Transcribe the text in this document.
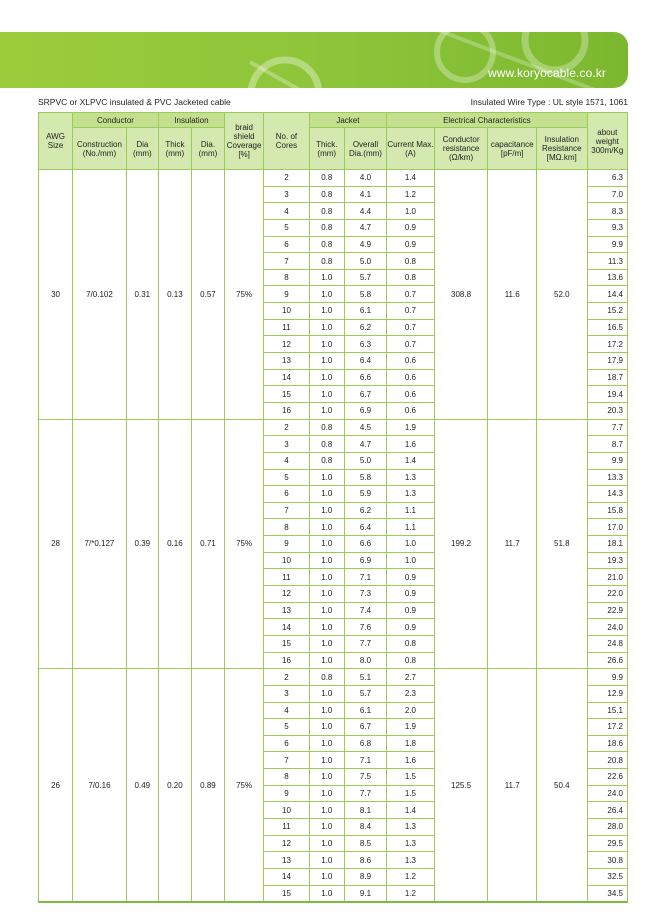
www.koryocable.co.kr
SRPVC or XLPVC insulated & PVC Jacketed cable	Insulated Wire Type : UL style 1571, 1061
AWG Size	Conductor		Insulation		braid shield Coverage [%]	No. of Cores	Jacket		Electrical Characteristics				about weight 300m/Kg
	Construction (No./mm)	Dia (mm)	Thick (mm)	Dia. (mm)			Thick. (mm)	Overall Dia.(mm)	Current Max.(A)	Conductor resistance (Ω/km)	capacitance [pF/m]	Insulation Resistance [MΩ.km]	
30	7/0.102	0.31	0.13	0.57	75%	2	0.8	4.0	1.4	308.8	11.6	52.0	6.3
						3	0.8	4.1	1.2				7.0
						4	0.8	4.4	1.0				8.3
						5	0.8	4.7	0.9				9.3
						6	0.8	4.9	0.9				9.9
						7	0.8	5.0	0.8				11.3
						8	1.0	5.7	0.8				13.6
						9	1.0	5.8	0.7				14.4
						10	1.0	6.1	0.7				15.2
						11	1.0	6.2	0.7				16.5
						12	1.0	6.3	0.7				17.2
						13	1.0	6.4	0.6				17.9
						14	1.0	6.6	0.6				18.7
						15	1.0	6.7	0.6				19.4
						16	1.0	6.9	0.6				20.3
28	7/*0.127	0.39	0.16	0.71	75%	2	0.8	4.5	1.9	199.2	11.7	51.8	7.7
						3	0.8	4.7	1.6				8.7
						4	0.8	5.0	1.4				9.9
						5	1.0	5.8	1.3				13.3
						6	1.0	5.9	1.3				14.3
						7	1.0	6.2	1.1				15.8
						8	1.0	6.4	1.1				17.0
						9	1.0	6.6	1.0				18.1
						10	1.0	6.9	1.0				19.3
						11	1.0	7.1	0.9				21.0
						12	1.0	7.3	0.9				22.0
						13	1.0	7.4	0.9				22.9
						14	1.0	7.6	0.9				24.0
						15	1.0	7.7	0.8				24.8
						16	1.0	8.0	0.8				26.6
26	7/0.16	0.49	0.20	0.89	75%	2	0.8	5.1	2.7	125.5	11.7	50.4	9.9
						3	1.0	5.7	2.3				12.9
						4	1.0	6.1	2.0				15.1
						5	1.0	6.7	1.9				17.2
						6	1.0	6.8	1.8				18.6
						7	1.0	7.1	1.6				20.8
						8	1.0	7.5	1.5				22.6
						9	1.0	7.7	1.5				24.0
						10	1.0	8.1	1.4				26.4
						11	1.0	8.4	1.3				28.0
						12	1.0	8.5	1.3				29.5
						13	1.0	8.6	1.3				30.8
						14	1.0	8.9	1.2				32.5
						15	1.0	9.1	1.2				34.5
